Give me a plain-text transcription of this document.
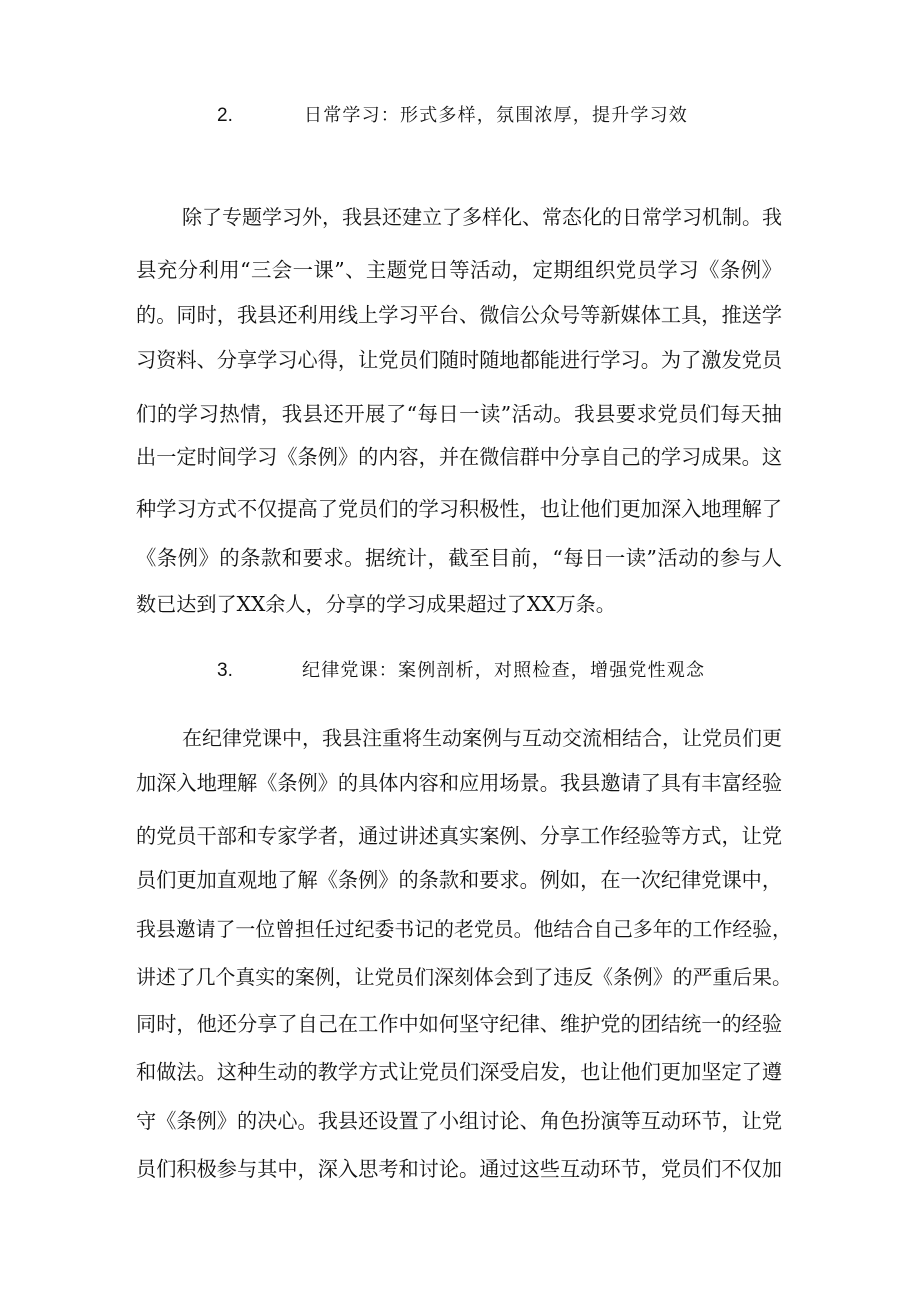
2.	日常学习：形式多样，氛围浓厚，提升学习效
除了专题学习外，我县还建立了多样化、常态化的日常学习机制。我
县充分利用“三会一课”、主题党日等活动，定期组织党员学习《条例》
的。同时，我县还利用线上学习平台、微信公众号等新媒体工具，推送学
习资料、分享学习心得，让党员们随时随地都能进行学习。为了激发党员
们的学习热情，我县还开展了“每日一读”活动。我县要求党员们每天抽
出一定时间学习《条例》的内容，并在微信群中分享自己的学习成果。这
种学习方式不仅提高了党员们的学习积极性，也让他们更加深入地理解了
《条例》的条款和要求。据统计，截至目前，“每日一读”活动的参与人
数已达到了XX余人，分享的学习成果超过了XX万条。
3.	纪律党课：案例剖析，对照检查，增强党性观念
在纪律党课中，我县注重将生动案例与互动交流相结合，让党员们更
加深入地理解《条例》的具体内容和应用场景。我县邀请了具有丰富经验
的党员干部和专家学者，通过讲述真实案例、分享工作经验等方式，让党
员们更加直观地了解《条例》的条款和要求。例如，在一次纪律党课中，
我县邀请了一位曾担任过纪委书记的老党员。他结合自己多年的工作经验，
讲述了几个真实的案例，让党员们深刻体会到了违反《条例》的严重后果。
同时，他还分享了自己在工作中如何坚守纪律、维护党的团结统一的经验
和做法。这种生动的教学方式让党员们深受启发，也让他们更加坚定了遵
守《条例》的决心。我县还设置了小组讨论、角色扮演等互动环节，让党
员们积极参与其中，深入思考和讨论。通过这些互动环节，党员们不仅加
